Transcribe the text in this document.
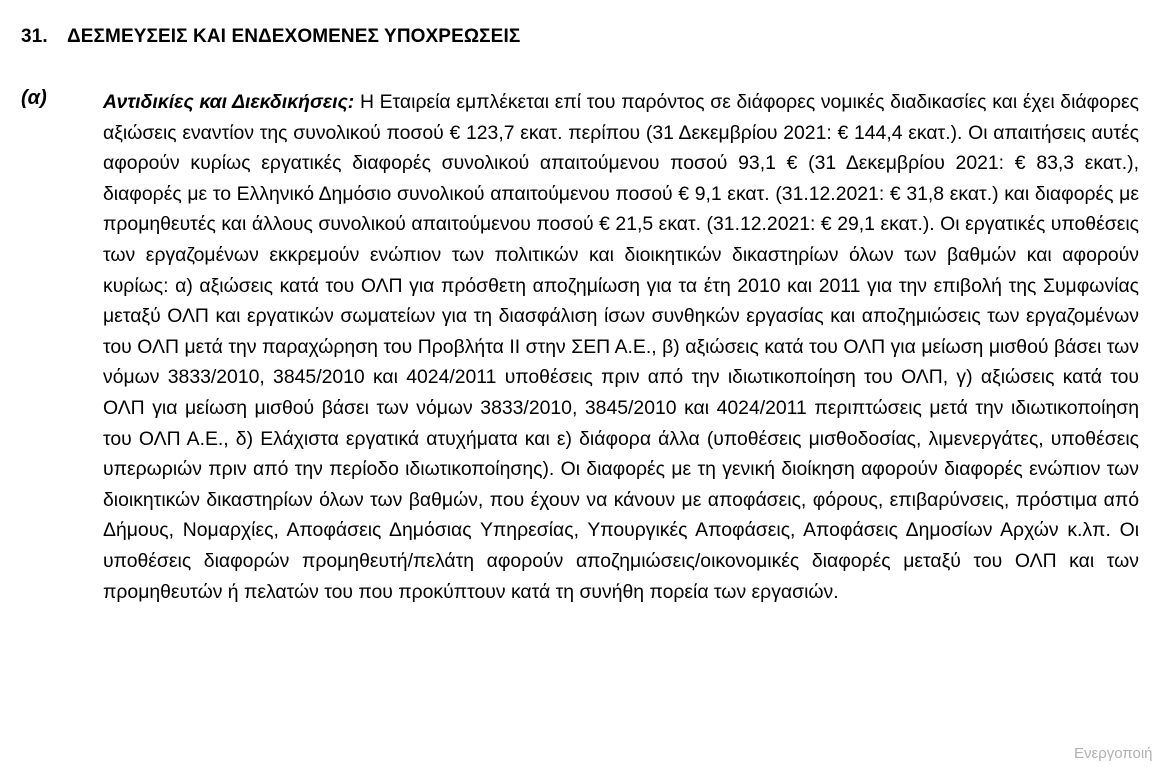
31. ΔΕΣΜΕΥΣΕΙΣ ΚΑΙ ΕΝΔΕΧΟΜΕΝΕΣ ΥΠΟΧΡΕΩΣΕΙΣ
(α)	Αντιδικίες και Διεκδικήσεις: Η Εταιρεία εμπλέκεται επί του παρόντος σε διάφορες νομικές διαδικασίες και έχει διάφορες αξιώσεις εναντίον της συνολικού ποσού € 123,7 εκατ. περίπου (31 Δεκεμβρίου 2021: € 144,4 εκατ.). Οι απαιτήσεις αυτές αφορούν κυρίως εργατικές διαφορές συνολικού απαιτούμενου ποσού 93,1 € (31 Δεκεμβρίου 2021: € 83,3 εκατ.), διαφορές με το Ελληνικό Δημόσιο συνολικού απαιτούμενου ποσού € 9,1 εκατ. (31.12.2021: € 31,8 εκατ.) και διαφορές με προμηθευτές και άλλους συνολικού απαιτούμενου ποσού € 21,5 εκατ. (31.12.2021: € 29,1 εκατ.). Οι εργατικές υποθέσεις των εργαζομένων εκκρεμούν ενώπιον των πολιτικών και διοικητικών δικαστηρίων όλων των βαθμών και αφορούν κυρίως: α) αξιώσεις κατά του ΟΛΠ για πρόσθετη αποζημίωση για τα έτη 2010 και 2011 για την επιβολή της Συμφωνίας μεταξύ ΟΛΠ και εργατικών σωματείων για τη διασφάλιση ίσων συνθηκών εργασίας και αποζημιώσεις των εργαζομένων του ΟΛΠ μετά την παραχώρηση του Προβλήτα ΙΙ στην ΣΕΠ Α.Ε., β) αξιώσεις κατά του ΟΛΠ για μείωση μισθού βάσει των νόμων 3833/2010, 3845/2010 και 4024/2011 υποθέσεις πριν από την ιδιωτικοποίηση του ΟΛΠ, γ) αξιώσεις κατά του ΟΛΠ για μείωση μισθού βάσει των νόμων 3833/2010, 3845/2010 και 4024/2011 περιπτώσεις μετά την ιδιωτικοποίηση του ΟΛΠ Α.Ε., δ) Ελάχιστα εργατικά ατυχήματα και ε) διάφορα άλλα (υποθέσεις μισθοδοσίας, λιμενεργάτες, υποθέσεις υπερωριών πριν από την περίοδο ιδιωτικοποίησης). Οι διαφορές με τη γενική διοίκηση αφορούν διαφορές ενώπιον των διοικητικών δικαστηρίων όλων των βαθμών, που έχουν να κάνουν με αποφάσεις, φόρους, επιβαρύνσεις, πρόστιμα από Δήμους, Νομαρχίες, Αποφάσεις Δημόσιας Υπηρεσίας, Υπουργικές Αποφάσεις, Αποφάσεις Δημοσίων Αρχών κ.λπ. Οι υποθέσεις διαφορών προμηθευτή/πελάτη αφορούν αποζημιώσεις/οικονομικές διαφορές μεταξύ του ΟΛΠ και των προμηθευτών ή πελατών του που προκύπτουν κατά τη συνήθη πορεία των εργασιών.
Ενεργοποιή
